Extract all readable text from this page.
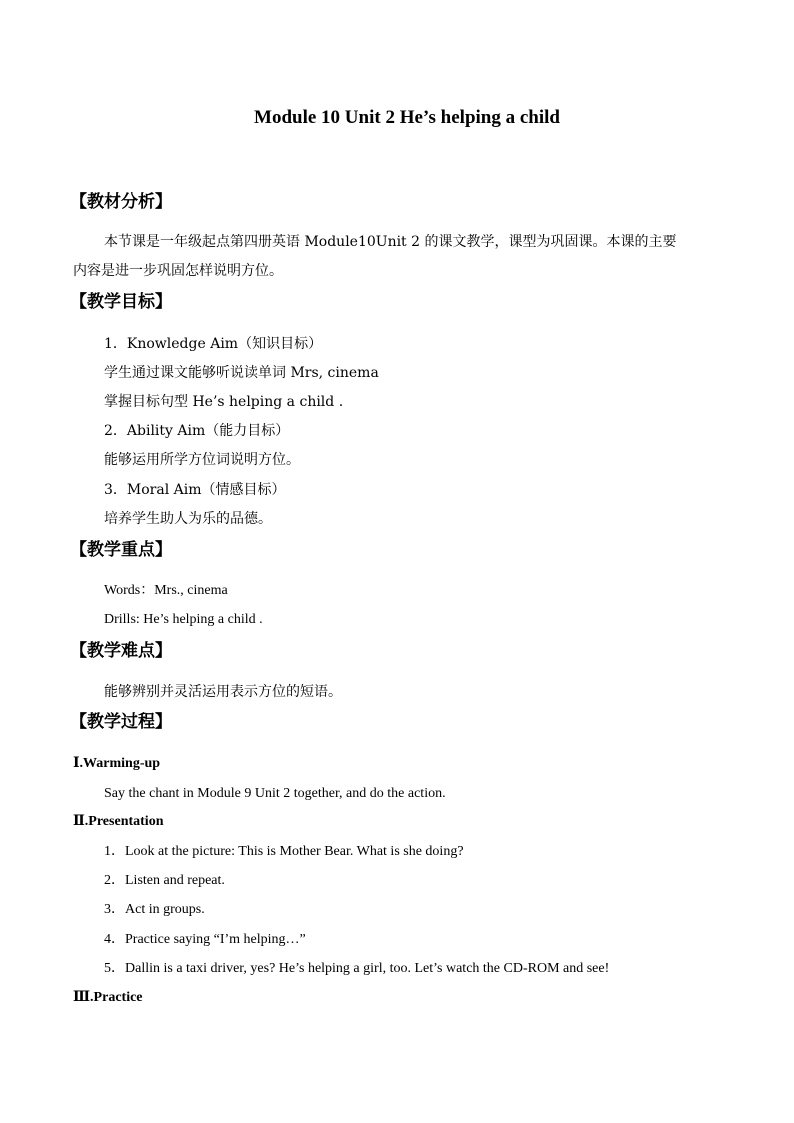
Module 10 Unit 2 He’s helping a child
【教材分析】
本节课是一年级起点第四册英语 Module10Unit 2 的课文教学，课型为巩固课。本课的主要
内容是进一步巩固怎样说明方位。
【教学目标】
1．Knowledge Aim（知识目标）
学生通过课文能够听说读单词 Mrs, cinema
掌握目标句型 He’s helping a child .
2．Ability Aim（能力目标）
能够运用所学方位词说明方位。
3．Moral Aim（情感目标）
培养学生助人为乐的品德。
【教学重点】
Words：Mrs., cinema
Drills: He’s helping a child .
【教学难点】
能够辨别并灵活运用表示方位的短语。
【教学过程】
Ⅰ.Warming-up
Say the chant in Module 9 Unit 2 together, and do the action.
Ⅱ.Presentation
1．Look at the picture: This is Mother Bear. What is she doing?
2．Listen and repeat.
3．Act in groups.
4．Practice saying “I’m helping…”
5．Dallin is a taxi driver, yes? He’s helping a girl, too. Let’s watch the CD-ROM and see!
Ⅲ.Practice
